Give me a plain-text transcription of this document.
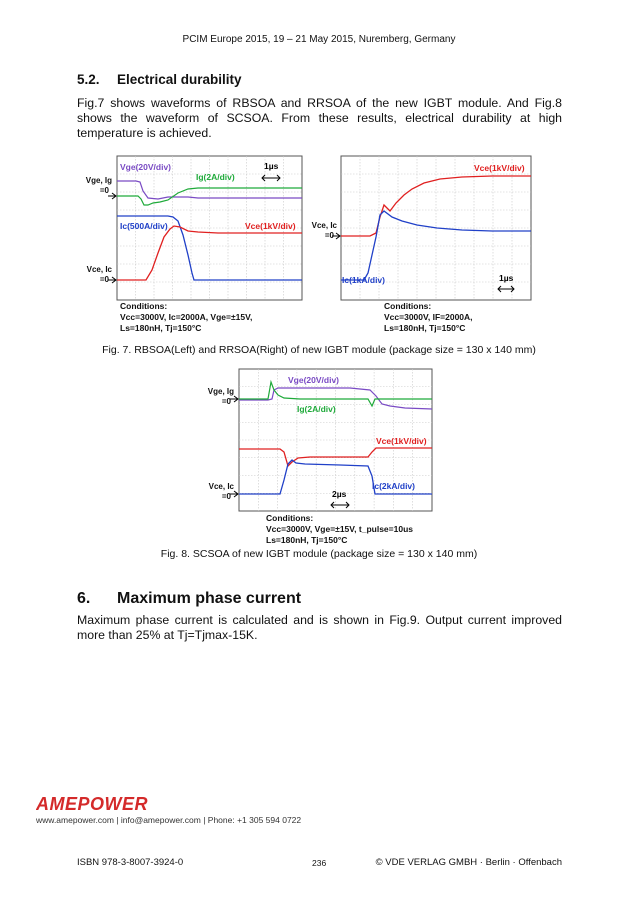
PCIM Europe 2015, 19 – 21 May 2015, Nuremberg, Germany
5.2. Electrical durability
Fig.7 shows waveforms of RBSOA and RRSOA of the new IGBT module. And Fig.8 shows the waveform of SCSOA. From these results, electrical durability at high temperature is achieved.
Vge, Ig
=0
Vce, Ic
=0
Vge(20V/div)
Ig(2A/div)
Ic(500A/div)	Vce(1kV/div)
1µs
Conditions:
Vcc=3000V, Ic=2000A, Vge=±15V,
Ls=180nH, Tj=150°C
Vce, Ic
=0
Vce(1kV/div)
Ic(1kA/div)	1µs
Conditions:
Vcc=3000V, IF=2000A,
Ls=180nH, Tj=150°C
Fig. 7. RBSOA(Left) and RRSOA(Right) of new IGBT module (package size = 130 x 140 mm)
Vge, Ig
=0
Vce, Ic
=0
Vge(20V/div)
Ig(2A/div)
Vce(1kV/div)
Ic(2kA/div)
2µs
Conditions:
Vcc=3000V, Vge=±15V, t_pulse=10us
Ls=180nH, Tj=150°C
Fig. 8. SCSOA of new IGBT module (package size = 130 x 140 mm)
6. Maximum phase current
Maximum phase current is calculated and is shown in Fig.9. Output current improved more than 25% at Tj=Tjmax-15K.
AMEPOWER
www.amepower.com | info@amepower.com | Phone: +1 305 594 0722
ISBN 978-3-8007-3924-0	236	© VDE VERLAG GMBH · Berlin · Offenbach
